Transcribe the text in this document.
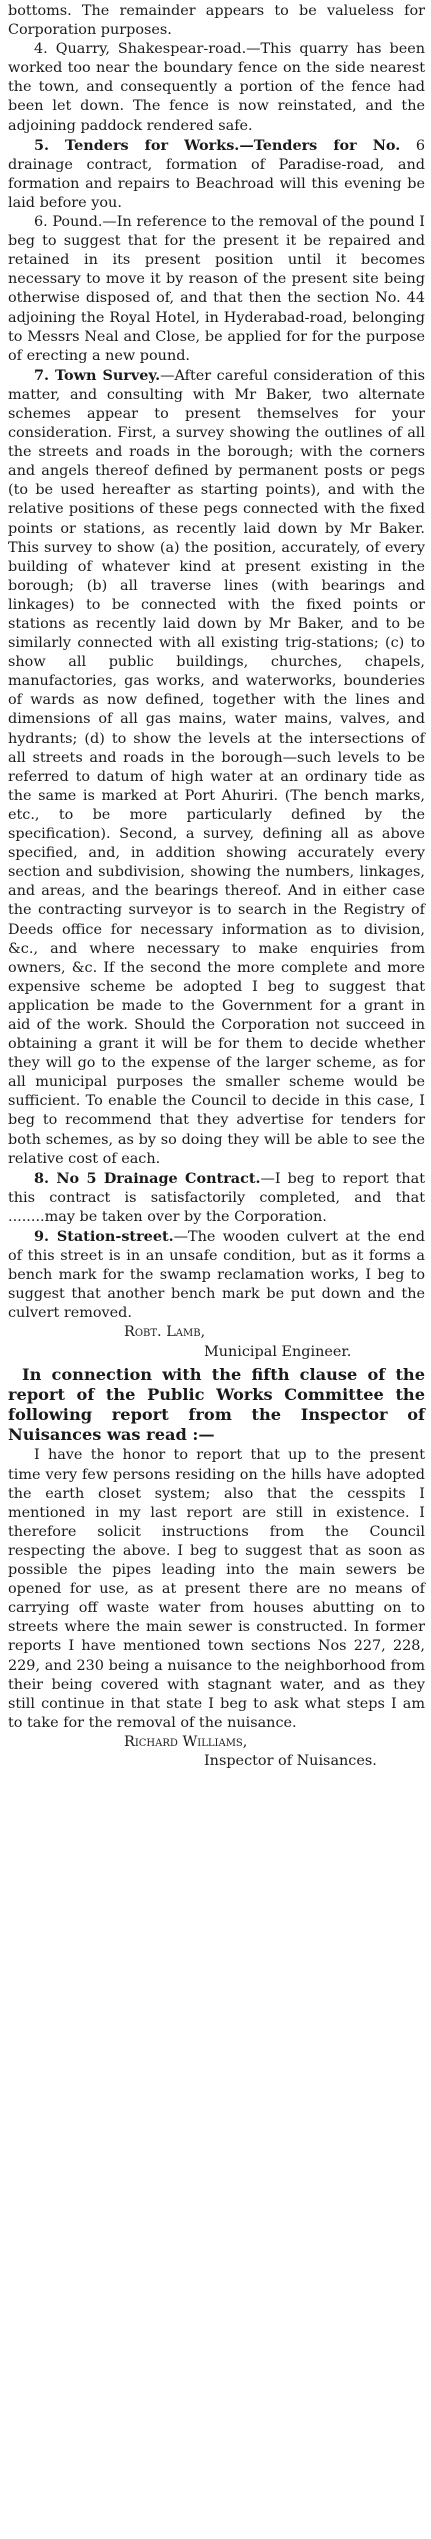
bottoms. The remainder appears to be valueless for Corporation purposes.

4. Quarry, Shakespear-road.—This quarry has been worked too near the boundary fence on the side nearest the town, and consequently a portion of the fence had been let down. The fence is now reinstated, and the adjoining paddock rendered safe.

5. Tenders for Works.—Tenders for No. 6 drainage contract, formation of Paradise-road, and formation and repairs to Beachroad will this evening be laid before you.

6. Pound.—In reference to the removal of the pound I beg to suggest that for the present it be repaired and retained in its present position until it becomes necessary to move it by reason of the present site being otherwise disposed of, and that then the section No. 44 adjoining the Royal Hotel, in Hyderabad-road, belonging to Messrs Neal and Close, be applied for for the purpose of erecting a new pound.

7. Town Survey.—After careful consideration of this matter, and consulting with Mr Baker, two alternate schemes appear to present themselves for your consideration. First, a survey showing the outlines of all the streets and roads in the borough; with the corners and angels thereof defined by permanent posts or pegs (to be used hereafter as starting points), and with the relative positions of these pegs connected with the fixed points or stations, as recently laid down by Mr Baker. This survey to show (a) the position, accurately, of every building of whatever kind at present existing in the borough; (b) all traverse lines (with bearings and linkages) to be connected with the fixed points or stations as recently laid down by Mr Baker, and to be similarly connected with all existing trig-stations; (c) to show all public buildings, churches, chapels, manufactories, gas works, and waterworks, bounderies of wards as now defined, together with the lines and dimensions of all gas mains, water mains, valves, and hydrants; (d) to show the levels at the intersections of all streets and roads in the borough—such levels to be referred to datum of high water at an ordinary tide as the same is marked at Port Ahuriri. (The bench marks, etc., to be more particularly defined by the specification). Second, a survey, defining all as above specified, and, in addition showing accurately every section and subdivision, showing the numbers, linkages, and areas, and the bearings thereof. And in either case the contracting surveyor is to search in the Registry of Deeds office for necessary information as to division, &c., and where necessary to make enquiries from owners, &c. If the second the more complete and more expensive scheme be adopted I beg to suggest that application be made to the Government for a grant in aid of the work. Should the Corporation not succeed in obtaining a grant it will be for them to decide whether they will go to the expense of the larger scheme, as for all municipal purposes the smaller scheme would be sufficient. To enable the Council to decide in this case, I beg to recommend that they advertise for tenders for both schemes, as by so doing they will be able to see the relative cost of each.

8. No 5 Drainage Contract.—I beg to report that this contract is satisfactorily completed, and that ........may be taken over by the Corporation.

9. Station-street.—The wooden culvert at the end of this street is in an unsafe condition, but as it forms a bench mark for the swamp reclamation works, I beg to suggest that another bench mark be put down and the culvert removed.

Robt. Lamb,

Municipal Engineer.

In connection with the fifth clause of the report of the Public Works Committee the following report from the Inspector of Nuisances was read :—

I have the honor to report that up to the present time very few persons residing on the hills have adopted the earth closet system; also that the cesspits I mentioned in my last report are still in existence. I therefore solicit instructions from the Council respecting the above. I beg to suggest that as soon as possible the pipes leading into the main sewers be opened for use, as at present there are no means of carrying off waste water from houses abutting on to streets where the main sewer is constructed. In former reports I have mentioned town sections Nos 227, 228, 229, and 230 being a nuisance to the neighborhood from their being covered with stagnant water, and as they still continue in that state I beg to ask what steps I am to take for the removal of the nuisance.

Richard Williams,

Inspector of Nuisances.
